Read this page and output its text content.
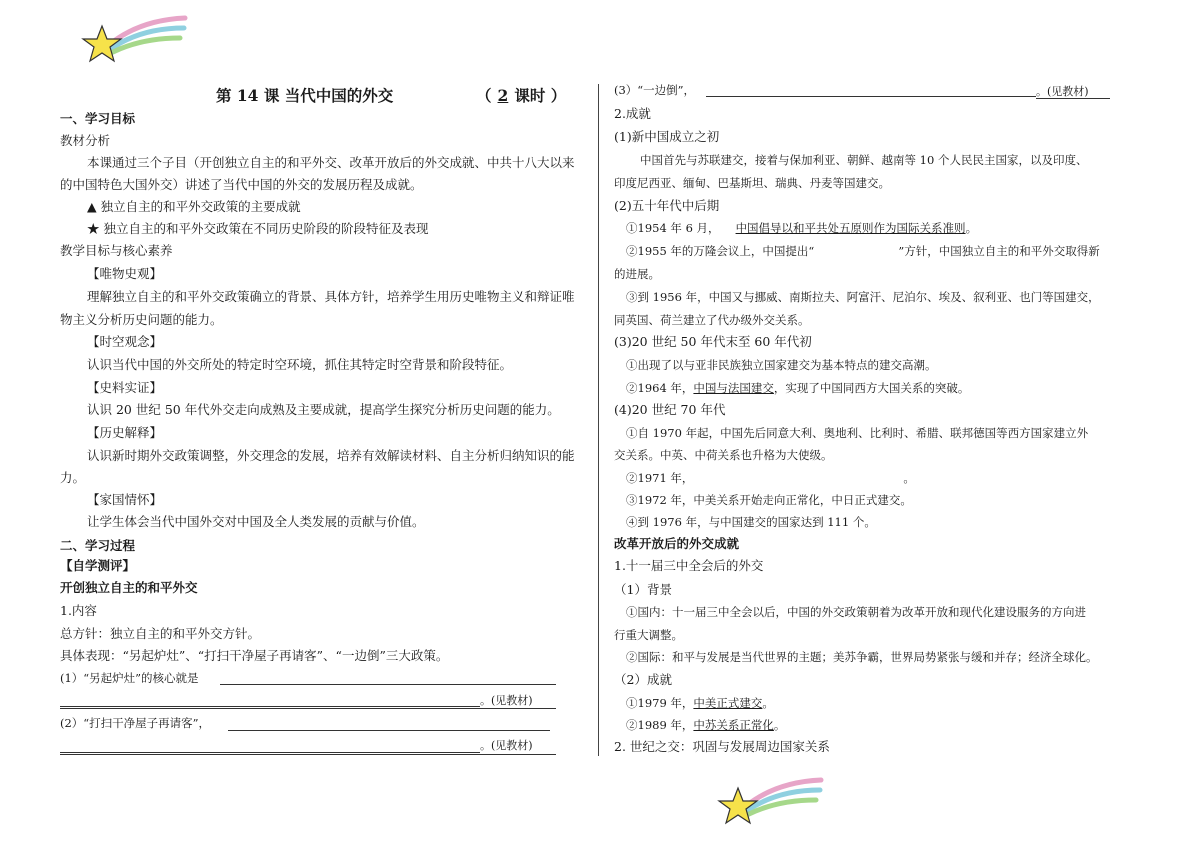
第 14 课 当代中国的外交	（ 2 课时 ）
一、学习目标
教材分析
本课通过三个子目（开创独立自主的和平外交、改革开放后的外交成就、中共十八大以来
的中国特色大国外交）讲述了当代中国的外交的发展历程及成就。
▲ 独立自主的和平外交政策的主要成就
★ 独立自主的和平外交政策在不同历史阶段的阶段特征及表现
教学目标与核心素养
【唯物史观】
理解独立自主的和平外交政策确立的背景、具体方针，培养学生用历史唯物主义和辩证唯
物主义分析历史问题的能力。
【时空观念】
认识当代中国的外交所处的特定时空环境，抓住其特定时空背景和阶段特征。
【史料实证】
认识 20 世纪 50 年代外交走向成熟及主要成就，提高学生探究分析历史问题的能力。
【历史解释】
认识新时期外交政策调整，外交理念的发展，培养有效解读材料、自主分析归纳知识的能
力。
【家国情怀】
让学生体会当代中国外交对中国及全人类发展的贡献与价值。
二、学习过程
【自学测评】
开创独立自主的和平外交
1.内容
总方针：独立自主的和平外交方针。
具体表现：“另起炉灶”、“打扫干净屋子再请客”、“一边倒”三大政策。
(1）“另起炉灶”的核心就是
。(见教材)
(2）“打扫干净屋子再请客”，
。(见教材)
(3）“一边倒”，	。(见教材)
2.成就
(1)新中国成立之初
中国首先与苏联建交，接着与保加利亚、朝鲜、越南等 10 个人民民主国家，以及印度、
印度尼西亚、缅甸、巴基斯坦、瑞典、丹麦等国建交。
(2)五十年代中后期
①1954 年 6 月， 中国倡导以和平共处五原则作为国际关系准则。
②1955 年的万隆会议上，中国提出“	”方针，中国独立自主的和平外交取得新
的进展。
③到 1956 年，中国又与挪威、南斯拉夫、阿富汗、尼泊尔、埃及、叙利亚、也门等国建交，
同英国、荷兰建立了代办级外交关系。
(3)20 世纪 50 年代末至 60 年代初
①出现了以与亚非民族独立国家建交为基本特点的建交高潮。
②1964 年，中国与法国建交，实现了中国同西方大国关系的突破。
(4)20 世纪 70 年代
①自 1970 年起，中国先后同意大利、奥地利、比利时、希腊、联邦德国等西方国家建立外
交关系。中英、中荷关系也升格为大使级。
②1971 年，	。
③1972 年，中美关系开始走向正常化，中日正式建交。
④到 1976 年，与中国建交的国家达到 111 个。
改革开放后的外交成就
1.十一届三中全会后的外交
（1）背景
①国内：十一届三中全会以后，中国的外交政策朝着为改革开放和现代化建设服务的方向进
行重大调整。
②国际：和平与发展是当代世界的主题；美苏争霸，世界局势紧张与缓和并存；经济全球化。
（2）成就
①1979 年，中美正式建交。
②1989 年，中苏关系正常化。
2. 世纪之交：巩固与发展周边国家关系
